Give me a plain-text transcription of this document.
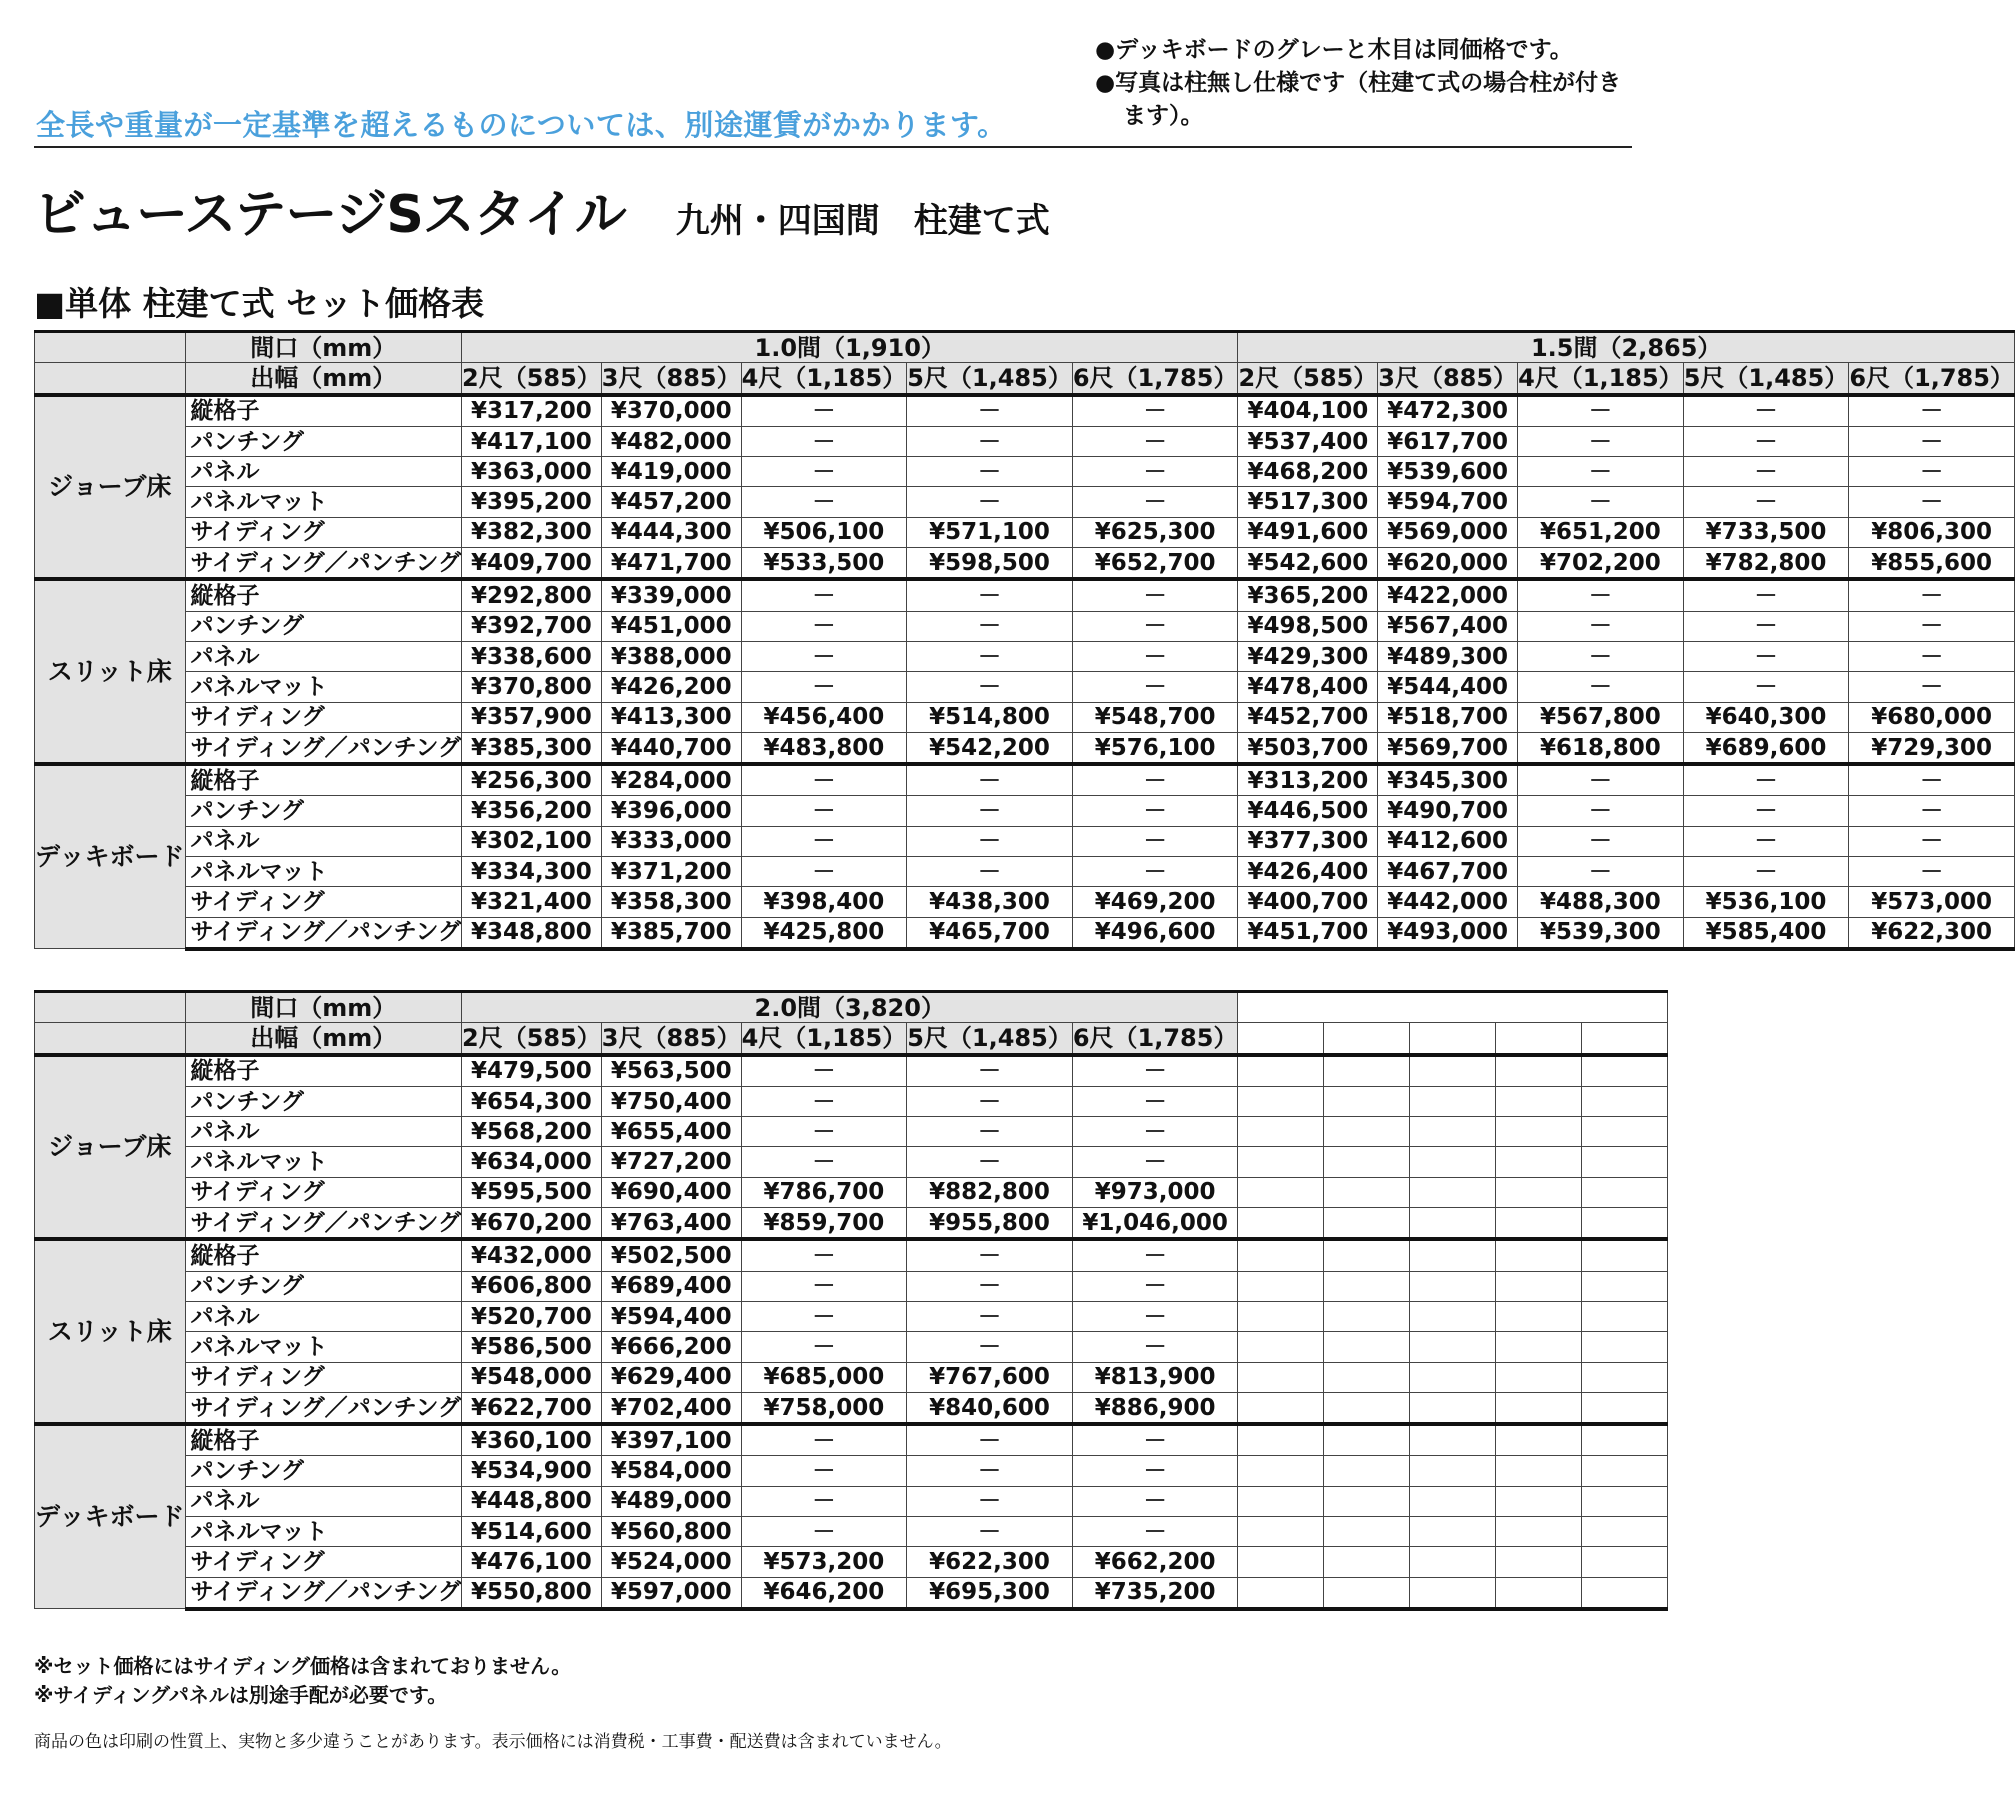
●デッキボードのグレーと木目は同価格です。
●写真は柱無し仕様です（柱建て式の場合柱が付きます）。
全長や重量が一定基準を超えるものについては、別途運賃がかかります。
ビューステージSスタイル 九州・四国間　柱建て式
■単体 柱建て式 セット価格表
	間口（mm）	1.0間（1,910）					1.5間（2,865）				
	出幅（mm）	2尺（585）	3尺（885）	4尺（1,185）	5尺（1,485）	6尺（1,785）	2尺（585）	3尺（885）	4尺（1,185）	5尺（1,485）	6尺（1,785）
ジョーブ床	縦格子	¥317,200	¥370,000	－	－	－	¥404,100	¥472,300	－	－	－
	パンチング	¥417,100	¥482,000	－	－	－	¥537,400	¥617,700	－	－	－
	パネル	¥363,000	¥419,000	－	－	－	¥468,200	¥539,600	－	－	－
	パネルマット	¥395,200	¥457,200	－	－	－	¥517,300	¥594,700	－	－	－
	サイディング	¥382,300	¥444,300	¥506,100	¥571,100	¥625,300	¥491,600	¥569,000	¥651,200	¥733,500	¥806,300
	サイディング／パンチング	¥409,700	¥471,700	¥533,500	¥598,500	¥652,700	¥542,600	¥620,000	¥702,200	¥782,800	¥855,600
スリット床	縦格子	¥292,800	¥339,000	－	－	－	¥365,200	¥422,000	－	－	－
	パンチング	¥392,700	¥451,000	－	－	－	¥498,500	¥567,400	－	－	－
	パネル	¥338,600	¥388,000	－	－	－	¥429,300	¥489,300	－	－	－
	パネルマット	¥370,800	¥426,200	－	－	－	¥478,400	¥544,400	－	－	－
	サイディング	¥357,900	¥413,300	¥456,400	¥514,800	¥548,700	¥452,700	¥518,700	¥567,800	¥640,300	¥680,000
	サイディング／パンチング	¥385,300	¥440,700	¥483,800	¥542,200	¥576,100	¥503,700	¥569,700	¥618,800	¥689,600	¥729,300
デッキボード	縦格子	¥256,300	¥284,000	－	－	－	¥313,200	¥345,300	－	－	－
	パンチング	¥356,200	¥396,000	－	－	－	¥446,500	¥490,700	－	－	－
	パネル	¥302,100	¥333,000	－	－	－	¥377,300	¥412,600	－	－	－
	パネルマット	¥334,300	¥371,200	－	－	－	¥426,400	¥467,700	－	－	－
	サイディング	¥321,400	¥358,300	¥398,400	¥438,300	¥469,200	¥400,700	¥442,000	¥488,300	¥536,100	¥573,000
	サイディング／パンチング	¥348,800	¥385,700	¥425,800	¥465,700	¥496,600	¥451,700	¥493,000	¥539,300	¥585,400	¥622,300
	間口（mm）	2.0間（3,820）									
	出幅（mm）	2尺（585）	3尺（885）	4尺（1,185）	5尺（1,485）	6尺（1,785）					
ジョーブ床	縦格子	¥479,500	¥563,500	－	－	－					
	パンチング	¥654,300	¥750,400	－	－	－					
	パネル	¥568,200	¥655,400	－	－	－					
	パネルマット	¥634,000	¥727,200	－	－	－					
	サイディング	¥595,500	¥690,400	¥786,700	¥882,800	¥973,000					
	サイディング／パンチング	¥670,200	¥763,400	¥859,700	¥955,800	¥1,046,000					
スリット床	縦格子	¥432,000	¥502,500	－	－	－					
	パンチング	¥606,800	¥689,400	－	－	－					
	パネル	¥520,700	¥594,400	－	－	－					
	パネルマット	¥586,500	¥666,200	－	－	－					
	サイディング	¥548,000	¥629,400	¥685,000	¥767,600	¥813,900					
	サイディング／パンチング	¥622,700	¥702,400	¥758,000	¥840,600	¥886,900					
デッキボード	縦格子	¥360,100	¥397,100	－	－	－					
	パンチング	¥534,900	¥584,000	－	－	－					
	パネル	¥448,800	¥489,000	－	－	－					
	パネルマット	¥514,600	¥560,800	－	－	－					
	サイディング	¥476,100	¥524,000	¥573,200	¥622,300	¥662,200					
	サイディング／パンチング	¥550,800	¥597,000	¥646,200	¥695,300	¥735,200					
※セット価格にはサイディング価格は含まれておりません。
※サイディングパネルは別途手配が必要です。
商品の色は印刷の性質上、実物と多少違うことがあります。表示価格には消費税・工事費・配送費は含まれていません。
